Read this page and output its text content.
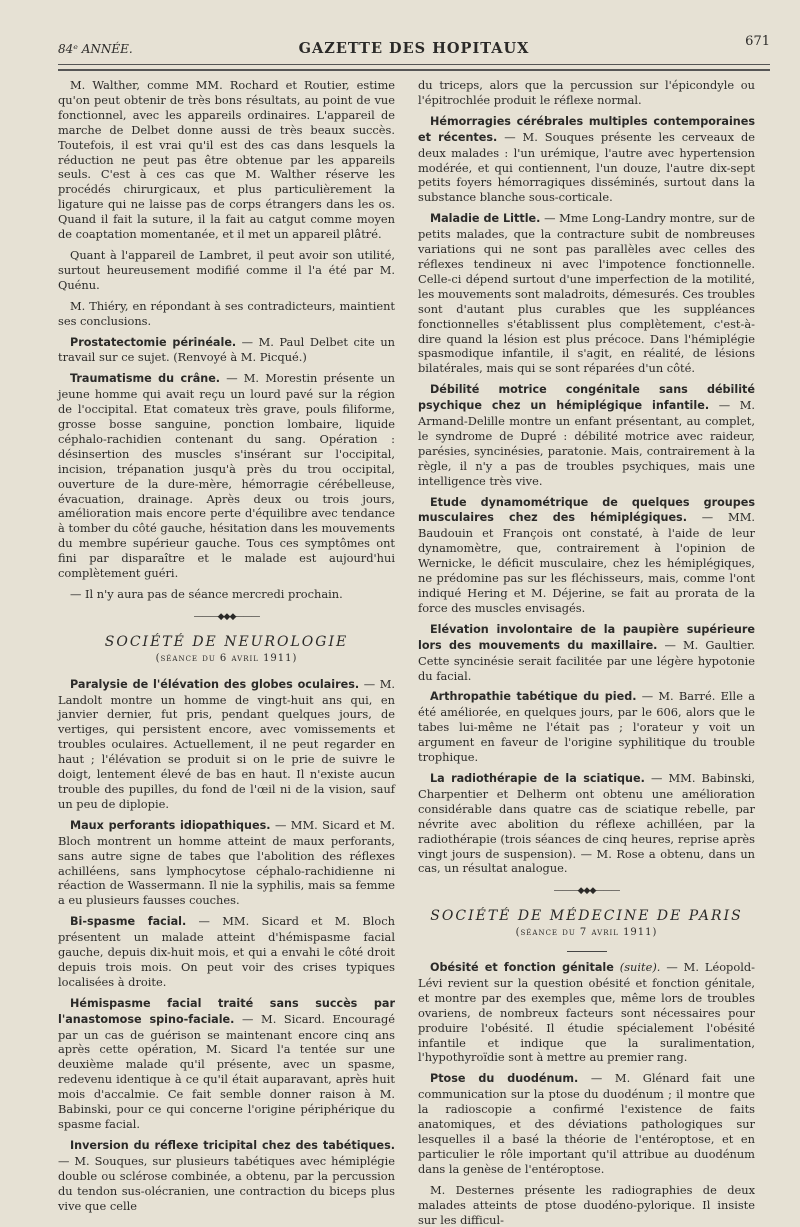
84ᵉ ANNÉE.	GAZETTE DES HOPITAUX	671

M. Walther, comme MM. Rochard et Routier, estime qu'on peut obtenir de très bons résultats, au point de vue fonctionnel, avec les appareils ordinaires. L'appareil de marche de Delbet donne aussi de très beaux succès. Toutefois, il est vrai qu'il est des cas dans lesquels la réduction ne peut pas être obtenue par les appareils seuls. C'est à ces cas que M. Walther réserve les procédés chirurgicaux, et plus particulièrement la ligature qui ne laisse pas de corps étrangers dans les os. Quand il fait la suture, il la fait au catgut comme moyen de coaptation momentanée, et il met un appareil plâtré.

Quant à l'appareil de Lambret, il peut avoir son utilité, surtout heureusement modifié comme il l'a été par M. Quénu.

M. Thiéry, en répondant à ses contradicteurs, maintient ses conclusions.

Prostatectomie périnéale. — M. Paul Delbet cite un travail sur ce sujet. (Renvoyé à M. Picqué.)

Traumatisme du crâne. — M. Morestin présente un jeune homme qui avait reçu un lourd pavé sur la région de l'occipital. Etat comateux très grave, pouls filiforme, grosse bosse sanguine, ponction lombaire, liquide céphalo-rachidien contenant du sang. Opération : désinsertion des muscles s'insérant sur l'occipital, incision, trépanation jusqu'à près du trou occipital, ouverture de la dure-mère, hémorragie cérébelleuse, évacuation, drainage. Après deux ou trois jours, amélioration mais encore perte d'équilibre avec tendance à tomber du côté gauche, hésitation dans les mouvements du membre supérieur gauche. Tous ces symptômes ont fini par disparaître et le malade est aujourd'hui complètement guéri.

— Il n'y aura pas de séance mercredi prochain.

———◆◆◆———
SOCIÉTÉ DE NEUROLOGIE
(séance du 6 avril 1911)

Paralysie de l'élévation des globes oculaires. — M. Landolt montre un homme de vingt-huit ans qui, en janvier dernier, fut pris, pendant quelques jours, de vertiges, qui persistent encore, avec vomissements et troubles oculaires. Actuellement, il ne peut regarder en haut ; l'élévation se produit si on le prie de suivre le doigt, lentement élevé de bas en haut. Il n'existe aucun trouble des pupilles, du fond de l'œil ni de la vision, sauf un peu de diplopie.

Maux perforants idiopathiques. — MM. Sicard et M. Bloch montrent un homme atteint de maux perforants, sans autre signe de tabes que l'abolition des réflexes achilléens, sans lymphocytose céphalo-rachidienne ni réaction de Wassermann. Il nie la syphilis, mais sa femme a eu plusieurs fausses couches.

Bi-spasme facial. — MM. Sicard et M. Bloch présentent un malade atteint d'hémispasme facial gauche, depuis dix-huit mois, et qui a envahi le côté droit depuis trois mois. On peut voir des crises typiques localisées à droite.

Hémispasme facial traité sans succès par l'anastomose spino-faciale. — M. Sicard. Encouragé par un cas de guérison se maintenant encore cinq ans après cette opération, M. Sicard l'a tentée sur une deuxième malade qu'il présente, avec un spasme, redevenu identique à ce qu'il était auparavant, après huit mois d'accalmie. Ce fait semble donner raison à M. Babinski, pour ce qui concerne l'origine périphérique du spasme facial.

Inversion du réflexe tricipital chez des tabétiques. — M. Souques, sur plusieurs tabétiques avec hémiplégie double ou sclérose combinée, a obtenu, par la percussion du tendon sus-olécranien, une contraction du biceps plus vive que celle

du triceps, alors que la percussion sur l'épicondyle ou l'épitrochlée produit le réflexe normal.

Hémorragies cérébrales multiples contemporaines et récentes. — M. Souques présente les cerveaux de deux malades : l'un urémique, l'autre avec hypertension modérée, et qui contiennent, l'un douze, l'autre dix-sept petits foyers hémorragiques disséminés, surtout dans la substance blanche sous-corticale.

Maladie de Little. — Mme Long-Landry montre, sur de petits malades, que la contracture subit de nombreuses variations qui ne sont pas parallèles avec celles des réflexes tendineux ni avec l'impotence fonctionnelle. Celle-ci dépend surtout d'une imperfection de la motilité, les mouvements sont maladroits, démesurés. Ces troubles sont d'autant plus curables que les suppléances fonctionnelles s'établissent plus complètement, c'est-à-dire quand la lésion est plus précoce. Dans l'hémiplégie spasmodique infantile, il s'agit, en réalité, de lésions bilatérales, mais qui se sont réparées d'un côté.

Débilité motrice congénitale sans débilité psychique chez un hémiplégique infantile. — M. Armand-Delille montre un enfant présentant, au complet, le syndrome de Dupré : débilité motrice avec raideur, parésies, syncinésies, paratonie. Mais, contrairement à la règle, il n'y a pas de troubles psychiques, mais une intelligence très vive.

Etude dynamométrique de quelques groupes musculaires chez des hémiplégiques. — MM. Baudouin et François ont constaté, à l'aide de leur dynamomètre, que, contrairement à l'opinion de Wernicke, le déficit musculaire, chez les hémiplégiques, ne prédomine pas sur les fléchisseurs, mais, comme l'ont indiqué Hering et M. Déjerine, se fait au prorata de la force des muscles envisagés.

Elévation involontaire de la paupière supérieure lors des mouvements du maxillaire. — M. Gaultier. Cette syncinésie serait facilitée par une légère hypotonie du facial.

Arthropathie tabétique du pied. — M. Barré. Elle a été améliorée, en quelques jours, par le 606, alors que le tabes lui-même ne l'était pas ; l'orateur y voit un argument en faveur de l'origine syphilitique du trouble trophique.

La radiothérapie de la sciatique. — MM. Babinski, Charpentier et Delherm ont obtenu une amélioration considérable dans quatre cas de sciatique rebelle, par névrite avec abolition du réflexe achilléen, par la radiothérapie (trois séances de cinq heures, reprise après vingt jours de suspension). — M. Rose a obtenu, dans un cas, un résultat analogue.

———◆◆◆———
SOCIÉTÉ DE MÉDECINE DE PARIS
(séance du 7 avril 1911)

Obésité et fonction génitale (suite). — M. Léopold-Lévi revient sur la question obésité et fonction génitale, et montre par des exemples que, même lors de troubles ovariens, de nombreux facteurs sont nécessaires pour produire l'obésité. Il étudie spécialement l'obésité infantile et indique que la suralimentation, l'hypothyroïdie sont à mettre au premier rang.

Ptose du duodénum. — M. Glénard fait une communication sur la ptose du duodénum ; il montre que la radioscopie a confirmé l'existence de faits anatomiques, et des déviations pathologiques sur lesquelles il a basé la théorie de l'entéroptose, et en particulier le rôle important qu'il attribue au duodénum dans la genèse de l'entéroptose.

M. Desternes présente les radiographies de deux malades atteints de ptose duodéno-pylorique. Il insiste sur les difficul-
